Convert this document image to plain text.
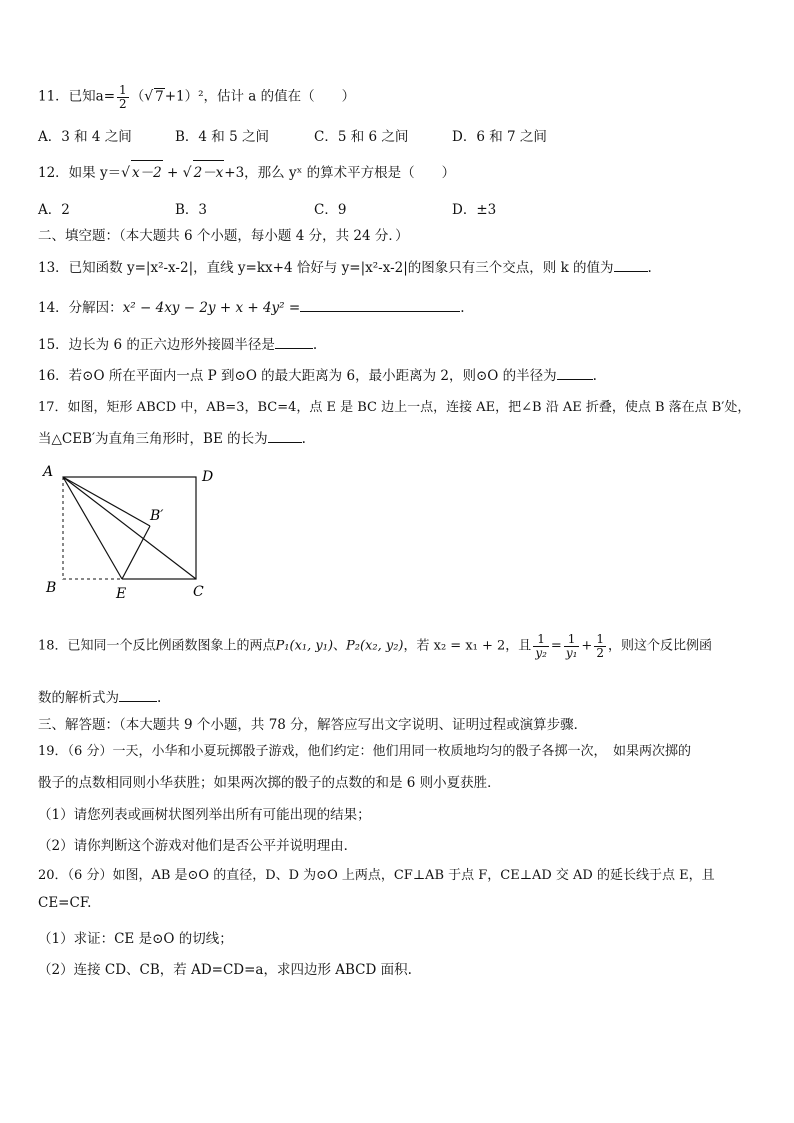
11．已知$a= \frac{1}{2}$ （√ 7+1）²，估计 a 的值在（　　）
A．3 和 4 之间	B．4 和 5 之间	C．5 和 6 之间	D．6 和 7 之间
12．如果 y＝√ x－2 + √ 2－x+3，那么 yˣ 的算术平方根是（　　）
A．2	B．3	C．9	D．±3
二、填空题：（本大题共 6 个小题，每小题 4 分，共 24 分．）
13．已知函数 y=|x²-x-2|，直线 y=kx+4 恰好与 y=|x²-x-2|的图象只有三个交点，则 k 的值为	.
14．分解因：x² − 4xy − 2y + x + 4y² =	.
15．边长为 6 的正六边形外接圆半径是	.
16．若⊙O 所在平面内一点 P 到⊙O 的最大距离为 6，最小距离为 2，则⊙O 的半径为	.
17．如图，矩形 ABCD 中，AB=3，BC=4，点 E 是 BC 边上一点，连接 AE，把∠B 沿 AE 折叠，使点 B 落在点 B′处，
当△CEB′为直角三角形时，BE 的长为	.
A	D
B	E	C
B′
18．已知同一个反比例函数图象上的两点P₁(x₁, y₁)、P₂(x₂, y₂)，若 x₂ = x₁ + 2，且 $\frac{1}{\text{y₂}} = \frac{1}{\text{y₁}} + \frac{1}{2}$ ，则这个反比例函
数的解析式为	.
三、解答题：（本大题共 9 个小题，共 78 分，解答应写出文字说明、证明过程或演算步骤．
19．（6 分）一天，小华和小夏玩掷骰子游戏，他们约定：他们用同一枚质地均匀的骰子各掷一次，　如果两次掷的
骰子的点数相同则小华获胜；如果两次掷的骰子的点数的和是 6 则小夏获胜．
（1）请您列表或画树状图列举出所有可能出现的结果；
（2）请你判断这个游戏对他们是否公平并说明理由．
20．（6 分）如图，AB 是⊙O 的直径，D、D 为⊙O 上两点，CF⊥AB 于点 F，CE⊥AD 交 AD 的延长线于点 E，且
CE=CF.
（1）求证：CE 是⊙O 的切线；
（2）连接 CD、CB，若 AD=CD=a，求四边形 ABCD 面积.
